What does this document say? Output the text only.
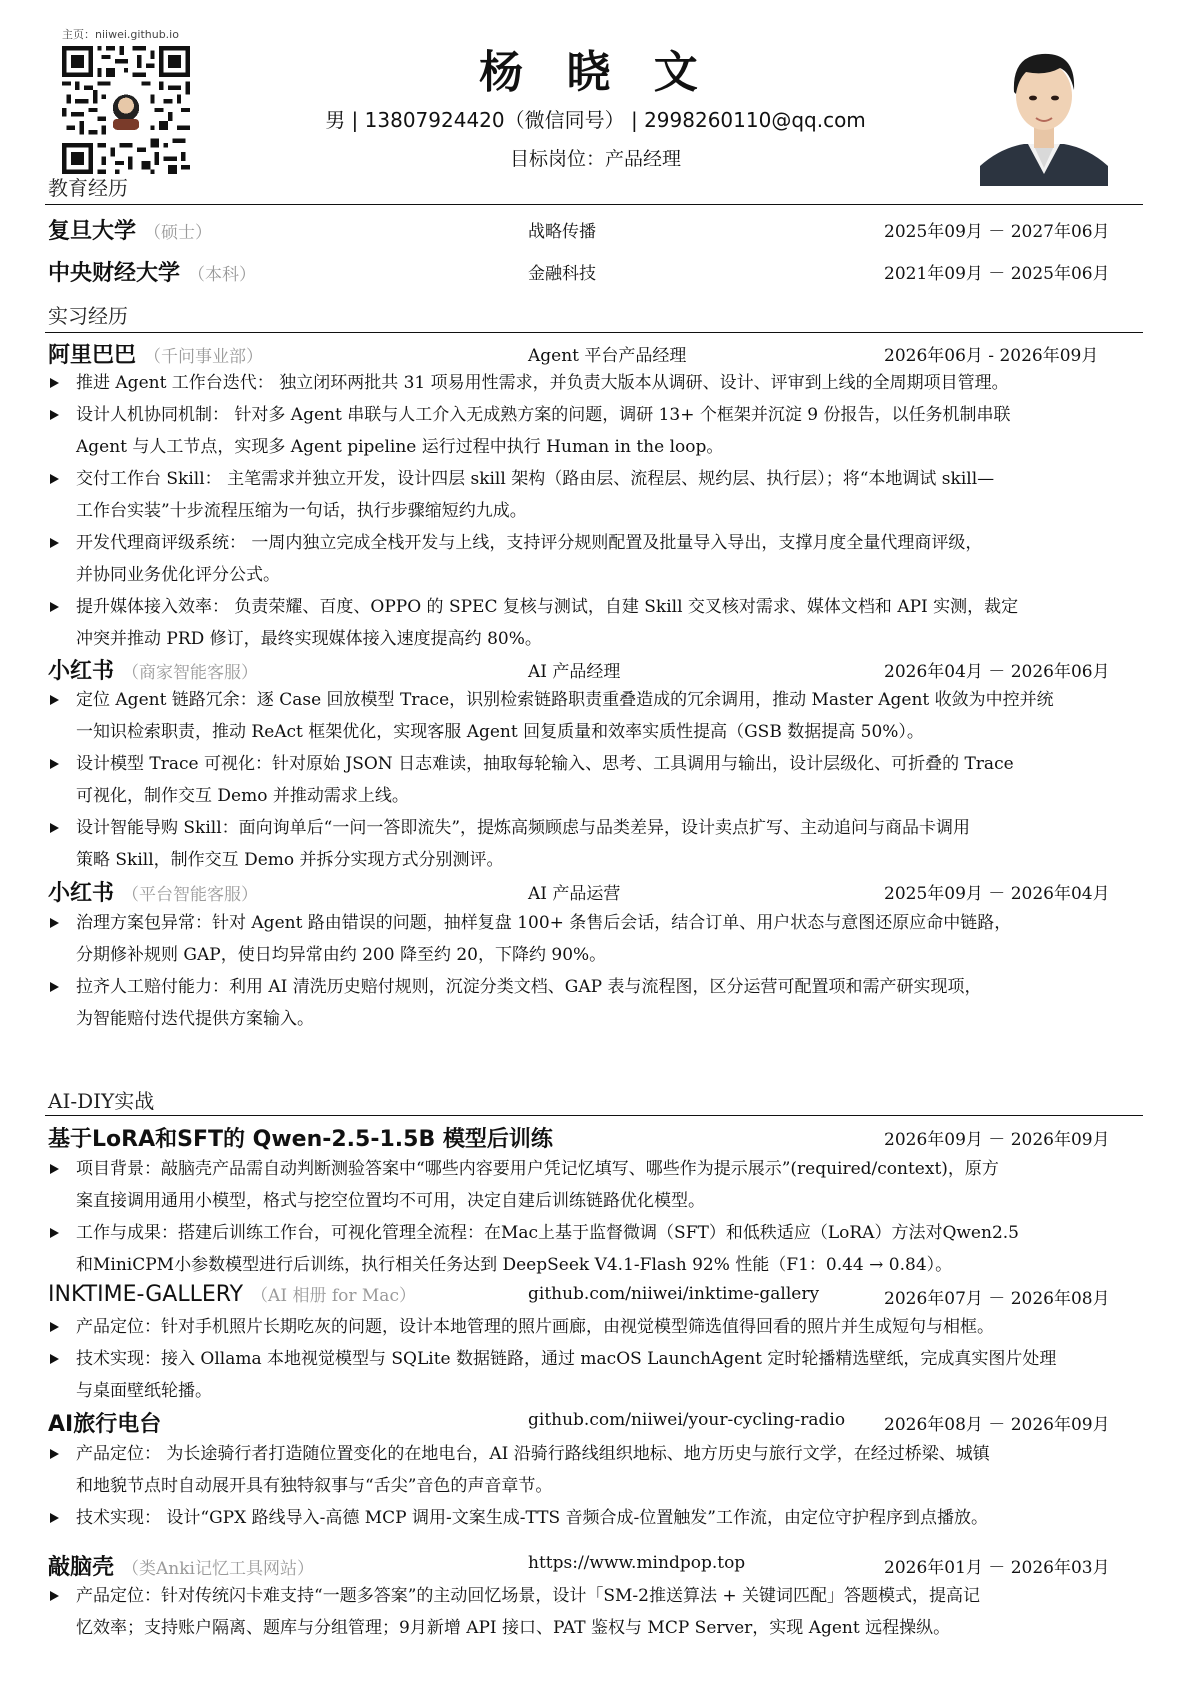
主页：niiwei.github.io
杨 晓 文
男 | 13807924420（微信同号） | 2998260110@qq.com
目标岗位：产品经理
教育经历
复旦大学 （硕士）	战略传播	2025年09月 － 2027年06月
中央财经大学 （本科）	金融科技	2021年09月 － 2025年06月
实习经历
阿里巴巴 （千问事业部）	Agent 平台产品经理	2026年06月 - 2026年09月
推进 Agent 工作台迭代： 独立闭环两批共 31 项易用性需求，并负责大版本从调研、设计、评审到上线的全周期项目管理。
设计人机协同机制： 针对多 Agent 串联与人工介入无成熟方案的问题，调研 13+ 个框架并沉淀 9 份报告，以任务机制串联
Agent 与人工节点，实现多 Agent pipeline 运行过程中执行 Human in the loop。
交付工作台 Skill： 主笔需求并独立开发，设计四层 skill 架构（路由层、流程层、规约层、执行层）；将“本地调试 skill—
工作台实装”十步流程压缩为一句话，执行步骤缩短约九成。
开发代理商评级系统： 一周内独立完成全栈开发与上线，支持评分规则配置及批量导入导出，支撑月度全量代理商评级，
并协同业务优化评分公式。
提升媒体接入效率： 负责荣耀、百度、OPPO 的 SPEC 复核与测试，自建 Skill 交叉核对需求、媒体文档和 API 实测，裁定
冲突并推动 PRD 修订，最终实现媒体接入速度提高约 80%。
小红书 （商家智能客服）	AI 产品经理	2026年04月 － 2026年06月
定位 Agent 链路冗余：逐 Case 回放模型 Trace，识别检索链路职责重叠造成的冗余调用，推动 Master Agent 收敛为中控并统
一知识检索职责，推动 ReAct 框架优化，实现客服 Agent 回复质量和效率实质性提高（GSB 数据提高 50%）。
设计模型 Trace 可视化：针对原始 JSON 日志难读，抽取每轮输入、思考、工具调用与输出，设计层级化、可折叠的 Trace
可视化，制作交互 Demo 并推动需求上线。
设计智能导购 Skill：面向询单后“一问一答即流失”，提炼高频顾虑与品类差异，设计卖点扩写、主动追问与商品卡调用
策略 Skill，制作交互 Demo 并拆分实现方式分别测评。
小红书 （平台智能客服）	AI 产品运营	2025年09月 － 2026年04月
治理方案包异常：针对 Agent 路由错误的问题，抽样复盘 100+ 条售后会话，结合订单、用户状态与意图还原应命中链路，
分期修补规则 GAP，使日均异常由约 200 降至约 20，下降约 90%。
拉齐人工赔付能力：利用 AI 清洗历史赔付规则，沉淀分类文档、GAP 表与流程图，区分运营可配置项和需产研实现项，
为智能赔付迭代提供方案输入。
AI-DIY实战
基于LoRA和SFT的 Qwen-2.5-1.5B 模型后训练	2026年09月 － 2026年09月
项目背景：敲脑壳产品需自动判断测验答案中“哪些内容要用户凭记忆填写、哪些作为提示展示”(required/context)，原方
案直接调用通用小模型，格式与挖空位置均不可用，决定自建后训练链路优化模型。
工作与成果：搭建后训练工作台，可视化管理全流程：在Mac上基于监督微调（SFT）和低秩适应（LoRA）方法对Qwen2.5
和MiniCPM小参数模型进行后训练，执行相关任务达到 DeepSeek V4.1-Flash 92% 性能（F1：0.44 → 0.84）。
INKTIME-GALLERY （AI 相册 for Mac）	github.com/niiwei/inktime-gallery	2026年07月 － 2026年08月
产品定位：针对手机照片长期吃灰的问题，设计本地管理的照片画廊，由视觉模型筛选值得回看的照片并生成短句与相框。
技术实现：接入 Ollama 本地视觉模型与 SQLite 数据链路，通过 macOS LaunchAgent 定时轮播精选壁纸，完成真实图片处理
与桌面壁纸轮播。
AI旅行电台	github.com/niiwei/your-cycling-radio 2026年08月 － 2026年09月
产品定位： 为长途骑行者打造随位置变化的在地电台，AI 沿骑行路线组织地标、地方历史与旅行文学，在经过桥梁、城镇
和地貌节点时自动展开具有独特叙事与“舌尖”音色的声音章节。
技术实现： 设计“GPX 路线导入-高德 MCP 调用-文案生成-TTS 音频合成-位置触发”工作流，由定位守护程序到点播放。
敲脑壳 （类Anki记忆工具网站）	https://www.mindpop.top	2026年01月 － 2026年03月
产品定位：针对传统闪卡难支持“一题多答案”的主动回忆场景，设计「SM-2推送算法 + 关键词匹配」答题模式，提高记
忆效率；支持账户隔离、题库与分组管理；9月新增 API 接口、PAT 鉴权与 MCP Server，实现 Agent 远程操纵。
